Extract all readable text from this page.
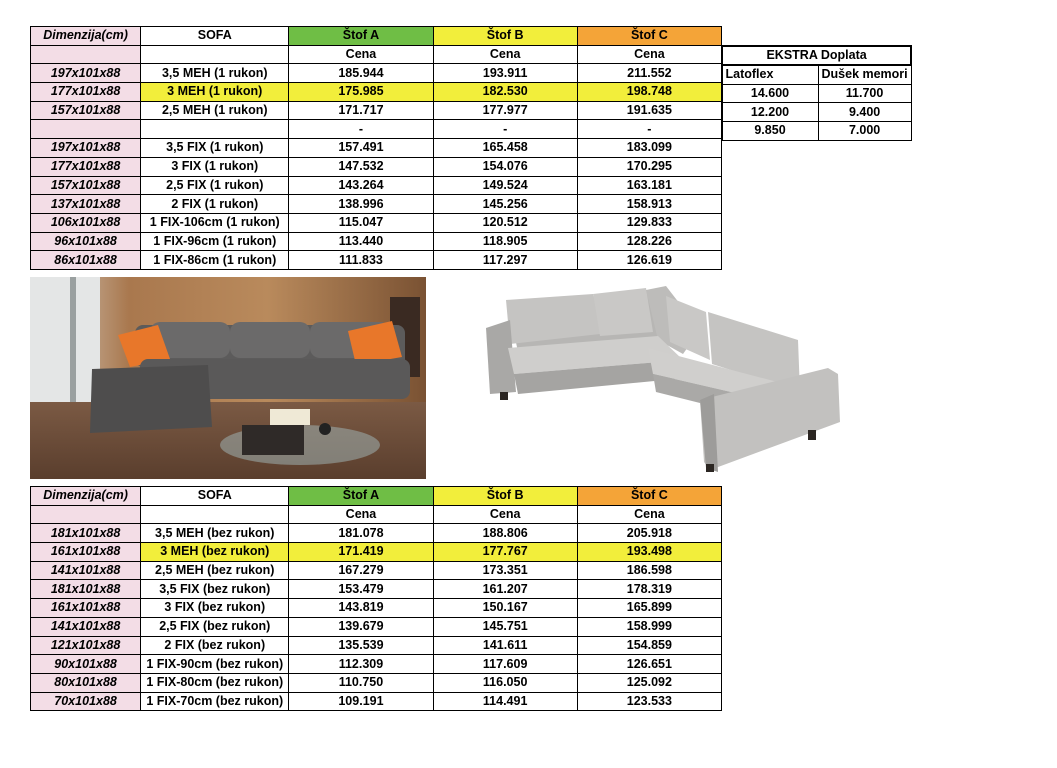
Dimenzija(cm)	SOFA	Štof A	Štof B	Štof C
		Cena	Cena	Cena
197x101x88	3,5 MEH (1 rukon)	185.944	193.911	211.552
177x101x88	3 MEH (1 rukon)	175.985	182.530	198.748
157x101x88	2,5 MEH (1 rukon)	171.717	177.977	191.635
		-	-	-
197x101x88	3,5 FIX (1 rukon)	157.491	165.458	183.099
177x101x88	3 FIX (1 rukon)	147.532	154.076	170.295
157x101x88	2,5 FIX (1 rukon)	143.264	149.524	163.181
137x101x88	2 FIX (1 rukon)	138.996	145.256	158.913
106x101x88	1 FIX-106cm (1 rukon)	115.047	120.512	129.833
96x101x88	1 FIX-96cm (1 rukon)	113.440	118.905	128.226
86x101x88	1 FIX-86cm (1 rukon)	111.833	117.297	126.619
EKSTRA Doplata	
Latoflex	Dušek memori
14.600	11.700
12.200	9.400
9.850	7.000
Dimenzija(cm)	SOFA	Štof A	Štof B	Štof C
		Cena	Cena	Cena
181x101x88	3,5 MEH (bez rukon)	181.078	188.806	205.918
161x101x88	3 MEH (bez rukon)	171.419	177.767	193.498
141x101x88	2,5 MEH (bez rukon)	167.279	173.351	186.598
181x101x88	3,5 FIX (bez rukon)	153.479	161.207	178.319
161x101x88	3 FIX (bez rukon)	143.819	150.167	165.899
141x101x88	2,5 FIX (bez rukon)	139.679	145.751	158.999
121x101x88	2 FIX (bez rukon)	135.539	141.611	154.859
90x101x88	1 FIX-90cm (bez rukon)	112.309	117.609	126.651
80x101x88	1 FIX-80cm (bez rukon)	110.750	116.050	125.092
70x101x88	1 FIX-70cm (bez rukon)	109.191	114.491	123.533
